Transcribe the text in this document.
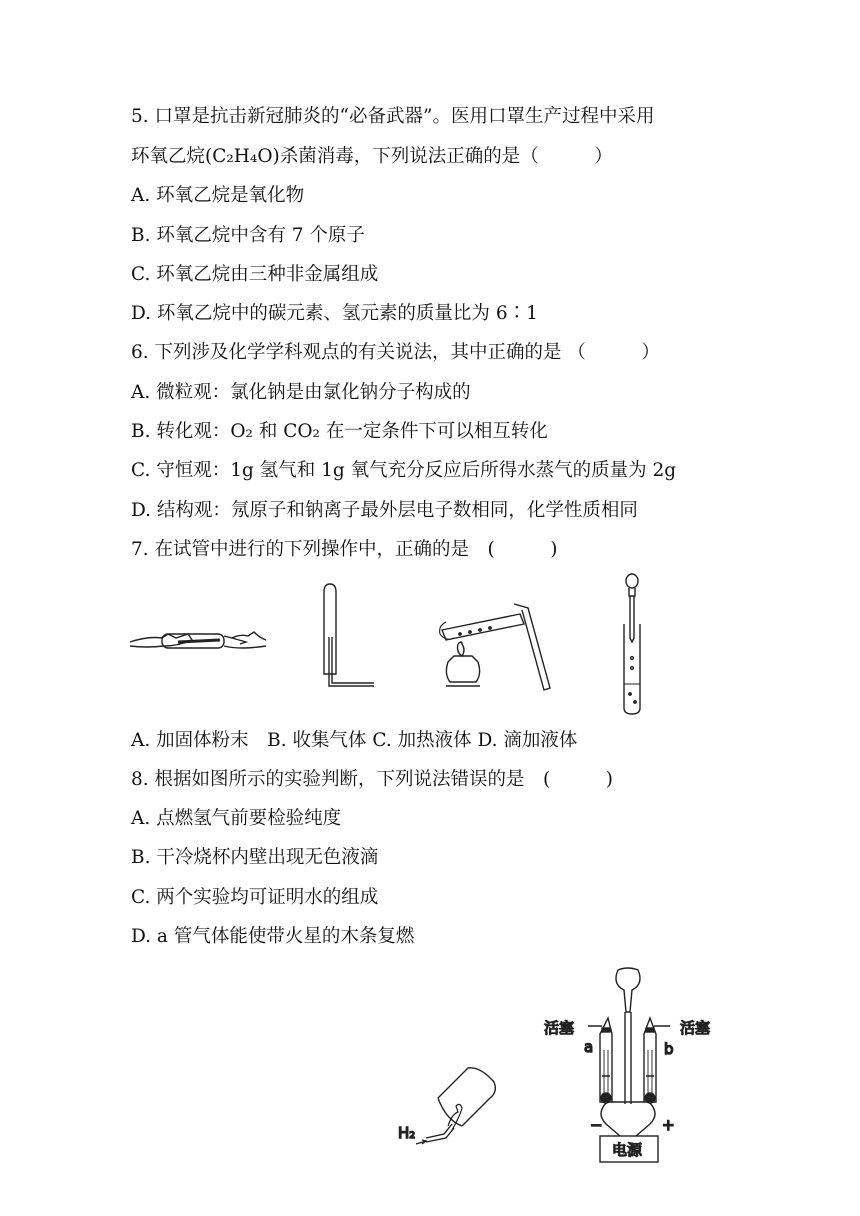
5. 口罩是抗击新冠肺炎的“必备武器”。医用口罩生产过程中采用
环氧乙烷(C₂H₄O)杀菌消毒，下列说法正确的是（　　　）
A. 环氧乙烷是氧化物
B. 环氧乙烷中含有 7 个原子
C. 环氧乙烷由三种非金属组成
D. 环氧乙烷中的碳元素、氢元素的质量比为 6∶1
6. 下列涉及化学学科观点的有关说法，其中正确的是 （　　　）
A. 微粒观：氯化钠是由氯化钠分子构成的
B. 转化观：O₂ 和 CO₂ 在一定条件下可以相互转化
C. 守恒观：1g 氢气和 1g 氧气充分反应后所得水蒸气的质量为 2g
D. 结构观：氖原子和钠离子最外层电子数相同，化学性质相同
7. 在试管中进行的下列操作中，正确的是　(　　　)
A. 加固体粉末　B. 收集气体 C. 加热液体 D. 滴加液体
8. 根据如图所示的实验判断，下列说法错误的是　(　　　)
A. 点燃氢气前要检验纯度
B. 干冷烧杯内壁出现无色液滴
C. 两个实验均可证明水的组成
D. a 管气体能使带火星的木条复燃
H₂
活塞	活塞
a	b
−	+
电源
